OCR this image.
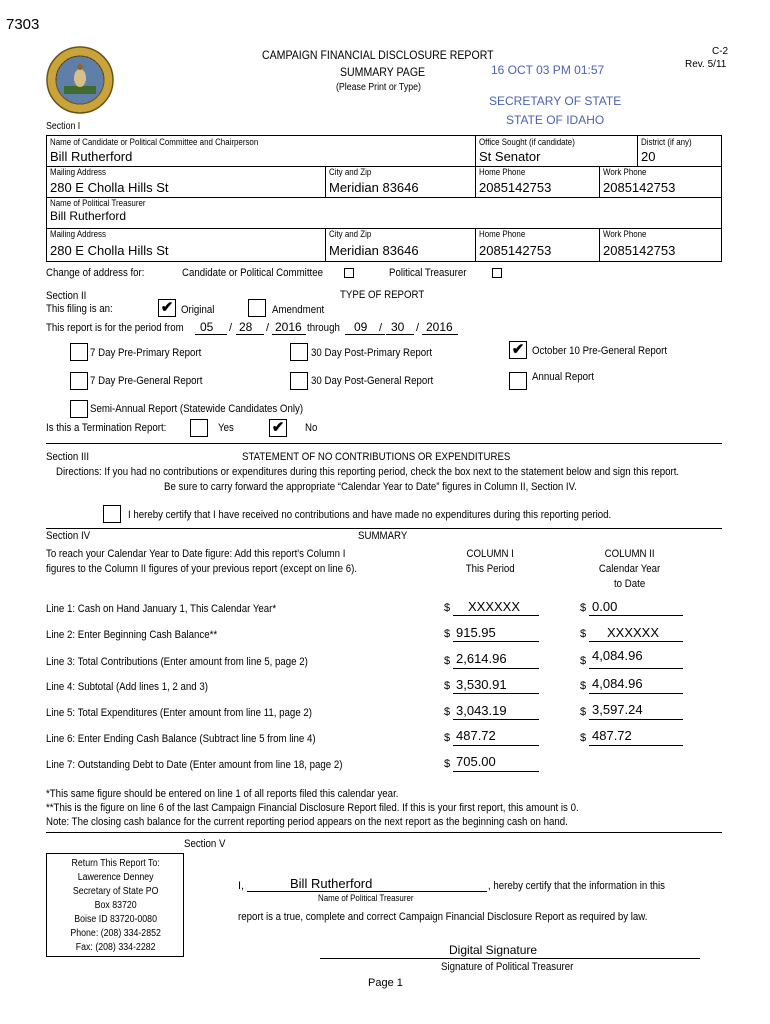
7303
C-2
Rev. 5/11
CAMPAIGN FINANCIAL DISCLOSURE REPORT
SUMMARY PAGE
(Please Print or Type)
16 OCT 03 PM 01:57
SECRETARY OF STATE
STATE OF IDAHO
Section I
Name of Candidate or Political Committee and Chairperson
Bill Rutherford
Office Sought (if candidate)
St Senator
District (if any)
20
Mailing Address
280 E Cholla Hills St
City and Zip
Meridian 83646
Home Phone
2085142753
Work Phone
2085142753
Name of Political Treasurer
Bill Rutherford
Mailing Address
280 E Cholla Hills St
City and Zip
Meridian 83646
Home Phone
2085142753
Work Phone
2085142753
Change of address for:	Candidate or Political Committee	Political Treasurer
Section II	TYPE OF REPORT
This filing is an:	✔ Original	Amendment
This report is for the period from 05 / 28 / 2016 through 09 / 30 / 2016
7 Day Pre-Primary Report	30 Day Post-Primary Report	✔ October 10 Pre-General Report
7 Day Pre-General Report	30 Day Post-General Report	Annual Report
Semi-Annual Report (Statewide Candidates Only)
Is this a Termination Report:	Yes	✔ No
Section III	STATEMENT OF NO CONTRIBUTIONS OR EXPENDITURES
Directions: If you had no contributions or expenditures during this reporting period, check the box next to the statement below and sign this report.
Be sure to carry forward the appropriate “Calendar Year to Date” figures in Column II, Section IV.
I hereby certify that I have received no contributions and have made no expenditures during this reporting period.
Section IV	SUMMARY
To reach your Calendar Year to Date figure: Add this report's Column I
figures to the Column II figures of your previous report (except on line 6).
COLUMN I
This Period
COLUMN II
Calendar Year
to Date
Line 1: Cash on Hand January 1, This Calendar Year*	$ XXXXXX	$ 0.00
Line 2: Enter Beginning Cash Balance**	$ 915.95	$ XXXXXX
Line 3: Total Contributions (Enter amount from line 5, page 2)	$ 2,614.96	$ 4,084.96
Line 4: Subtotal (Add lines 1, 2 and 3)	$ 3,530.91	$ 4,084.96
Line 5: Total Expenditures (Enter amount from line 11, page 2)	$ 3,043.19	$ 3,597.24
Line 6: Enter Ending Cash Balance (Subtract line 5 from line 4)	$ 487.72	$ 487.72
Line 7: Outstanding Debt to Date (Enter amount from line 18, page 2)	$ 705.00
*This same figure should be entered on line 1 of all reports filed this calendar year.
**This is the figure on line 6 of the last Campaign Financial Disclosure Report filed. If this is your first report, this amount is 0.
Note: The closing cash balance for the current reporting period appears on the next report as the beginning cash on hand.
Section V
Return This Report To:
Lawerence Denney
Secretary of State PO
Box 83720
Boise ID 83720-0080
Phone: (208) 334-2852
Fax: (208) 334-2282
I,	Bill Rutherford	, hereby certify that the information in this
Name of Political Treasurer
report is a true, complete and correct Campaign Financial Disclosure Report as required by law.
Digital Signature
Signature of Political Treasurer
Page 1
